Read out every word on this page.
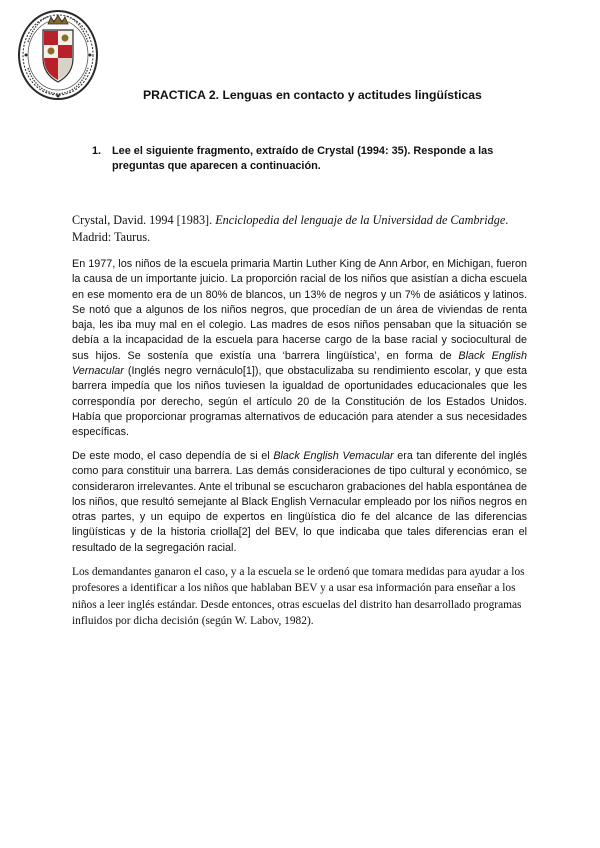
PRACTICA 2. Lenguas en contacto y actitudes lingüísticas
1. Lee el siguiente fragmento, extraído de Crystal (1994: 35). Responde a las preguntas que aparecen a continuación.
Crystal, David. 1994 [1983]. Enciclopedia del lenguaje de la Universidad de Cambridge. Madrid: Taurus.
En 1977, los niños de la escuela primaria Martin Luther King de Ann Arbor, en Michigan, fueron la causa de un importante juicio. La proporción racial de los niños que asistían a dicha escuela en ese momento era de un 80% de blancos, un 13% de negros y un 7% de asiáticos y latinos. Se notó que a algunos de los niños negros, que procedían de un área de viviendas de renta baja, les iba muy mal en el colegio. Las madres de esos niños pensaban que la situación se debía a la incapacidad de la escuela para hacerse cargo de la base racial y sociocultural de sus hijos. Se sostenía que existía una ‘barrera lingüística’, en forma de Black English Vernacular (Inglés negro vernáculo[1]), que obstaculizaba su rendimiento escolar, y que esta barrera impedía que los niños tuviesen la igualdad de oportunidades educacionales que les correspondía por derecho, según el artículo 20 de la Constitución de los Estados Unidos. Había que proporcionar programas alternativos de educación para atender a sus necesidades específicas.
De este modo, el caso dependía de si el Black English Vemacular era tan diferente del inglés como para constituir una barrera. Las demás consideraciones de tipo cultural y económico, se consideraron irrelevantes. Ante el tribunal se escucharon grabaciones del habla espontánea de los niños, que resultó semejante al Black English Vernacular empleado por los niños negros en otras partes, y un equipo de expertos en lingüística dio fe del alcance de las diferencias lingüísticas y de la historia criolla[2] del BEV, lo que indicaba que tales diferencias eran el resultado de la segregación racial.
Los demandantes ganaron el caso, y a la escuela se le ordenó que tomara medidas para ayudar a los profesores a identificar a los niños que hablaban BEV y a usar esa información para enseñar a los niños a leer inglés estándar. Desde entonces, otras escuelas del distrito han desarrollado programas influidos por dicha decisión (según W. Labov, 1982).
